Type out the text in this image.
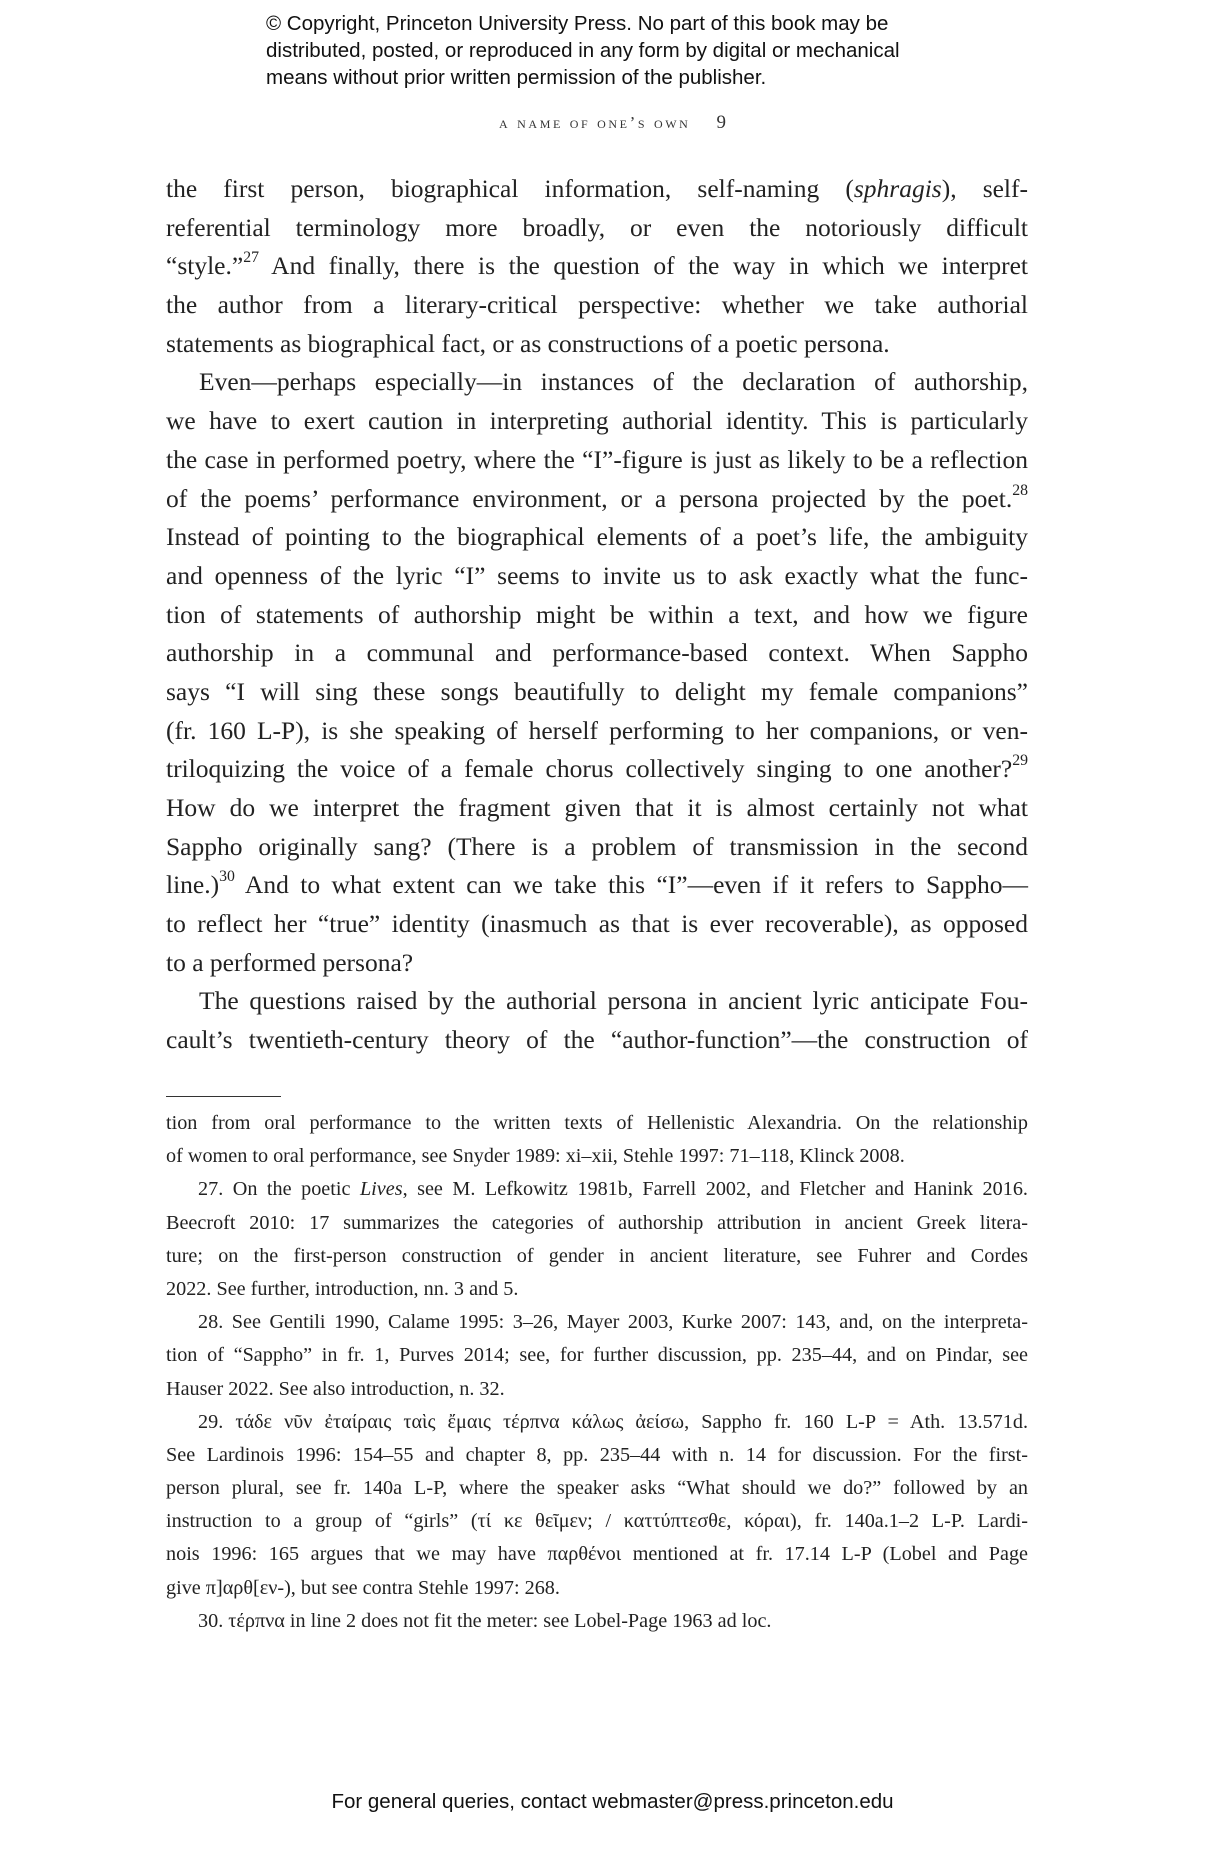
© Copyright, Princeton University Press. No part of this book may be
distributed, posted, or reproduced in any form by digital or mechanical
means without prior written permission of the publisher.
a name of one’s own 9
the first person, biographical information, self-naming (sphragis), self-
referential terminology more broadly, or even the notoriously difficult
“style.”$^{27}$ And finally, there is the question of the way in which we interpret
the author from a literary-critical perspective: whether we take authorial
statements as biographical fact, or as constructions of a poetic persona.
Even—perhaps especially—in instances of the declaration of authorship,
we have to exert caution in interpreting authorial identity. This is particularly
the case in performed poetry, where the “I”-figure is just as likely to be a reflection
of the poems’ performance environment, or a persona projected by the poet.$^{28}$
Instead of pointing to the biographical elements of a poet’s life, the ambiguity
and openness of the lyric “I” seems to invite us to ask exactly what the func-
tion of statements of authorship might be within a text, and how we figure
authorship in a communal and performance-based context. When Sappho
says “I will sing these songs beautifully to delight my female companions”
(fr. 160 L-P), is she speaking of herself performing to her companions, or ven-
triloquizing the voice of a female chorus collectively singing to one another?$^{29}$
How do we interpret the fragment given that it is almost certainly not what
Sappho originally sang? (There is a problem of transmission in the second
line.)$^{30}$ And to what extent can we take this “I”—even if it refers to Sappho—
to reflect her “true” identity (inasmuch as that is ever recoverable), as opposed
to a performed persona?
The questions raised by the authorial persona in ancient lyric anticipate Fou-
cault’s twentieth-century theory of the “author-function”—the construction of
tion from oral performance to the written texts of Hellenistic Alexandria. On the relationship
of women to oral performance, see Snyder 1989: xi–xii, Stehle 1997: 71–118, Klinck 2008.
27. On the poetic Lives, see M. Lefkowitz 1981b, Farrell 2002, and Fletcher and Hanink 2016.
Beecroft 2010: 17 summarizes the categories of authorship attribution in ancient Greek litera-
ture; on the first-person construction of gender in ancient literature, see Fuhrer and Cordes
2022. See further, introduction, nn. 3 and 5.
28. See Gentili 1990, Calame 1995: 3–26, Mayer 2003, Kurke 2007: 143, and, on the interpreta-
tion of “Sappho” in fr. 1, Purves 2014; see, for further discussion, pp. 235–44, and on Pindar, see
Hauser 2022. See also introduction, n. 32.
29. τάδε νῦν ἐταίραις ταὶς ἔμαις τέρπνα κάλως ἀείσω, Sappho fr. 160 L-P = Ath. 13.571d.
See Lardinois 1996: 154–55 and chapter 8, pp. 235–44 with n. 14 for discussion. For the first-
person plural, see fr. 140a L-P, where the speaker asks “What should we do?” followed by an
instruction to a group of “girls” (τί κε θεῖμεν; / καττύπτεσθε, κόραι), fr. 140a.1–2 L-P. Lardi-
nois 1996: 165 argues that we may have παρθένοι mentioned at fr. 17.14 L-P (Lobel and Page
give π]αρθ[εν-), but see contra Stehle 1997: 268.
30. τέρπνα in line 2 does not fit the meter: see Lobel-Page 1963 ad loc.
For general queries, contact webmaster@press.princeton.edu
